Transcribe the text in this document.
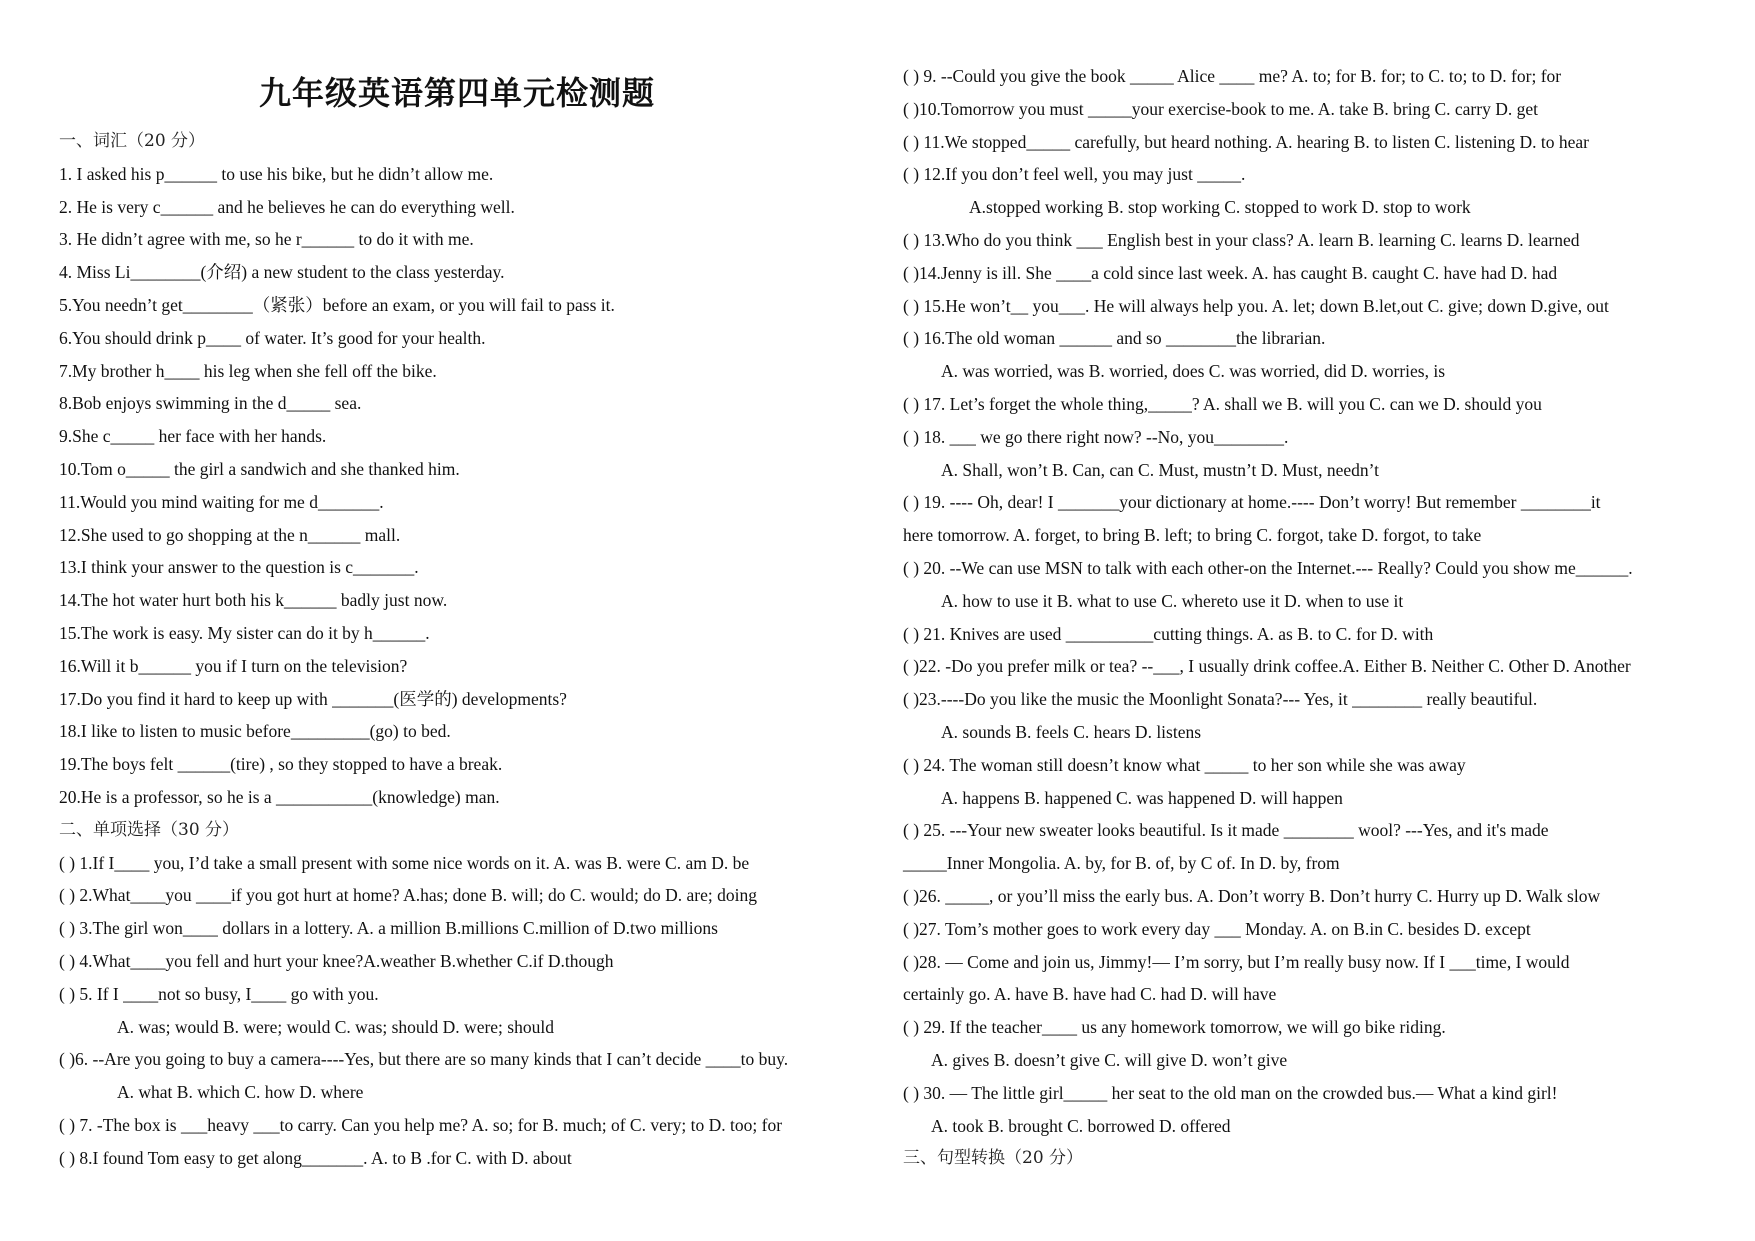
九年级英语第四单元检测题
一、词汇（20 分）
1. I asked his p______ to use his bike, but he didn’t allow me.
2. He is very c______ and he believes he can do everything well.
3. He didn’t agree with me, so he r______ to do it with me.
4. Miss Li________(介绍) a new student to the class yesterday.
5.You needn’t get________（紧张）before an exam, or you will fail to pass it.
6.You should drink p____ of water. It’s good for your health.
7.My brother h____ his leg when she fell off the bike.
8.Bob enjoys swimming in the d_____ sea.
9.She c_____ her face with her hands.
10.Tom o_____ the girl a sandwich and she thanked him.
11.Would you mind waiting for me d_______.
12.She used to go shopping at the n______ mall.
13.I think your answer to the question is c_______.
14.The hot water hurt both his k______ badly just now.
15.The work is easy. My sister can do it by h______.
16.Will it b______ you if I turn on the television?
17.Do you find it hard to keep up with _______(医学的) developments?
18.I like to listen to music before_________(go) to bed.
19.The boys felt ______(tire) , so they stopped to have a break.
20.He is a professor, so he is a ___________(knowledge) man.
二、单项选择（30 分）
( ) 1.If I____ you, I’d take a small present with some nice words on it. A. was B. were C. am D. be
( ) 2.What____you ____if you got hurt at home? A.has; done B. will; do C. would; do D. are; doing
( ) 3.The girl won____ dollars in a lottery. A. a million B.millions C.million of D.two millions
( ) 4.What____you fell and hurt your knee?A.weather B.whether C.if D.though
( ) 5. If I ____not so busy, I____ go with you.
A. was; would B. were; would C. was; should D. were; should
( )6. --Are you going to buy a camera----Yes, but there are so many kinds that I can’t decide ____to buy.
A. what B. which C. how D. where
( ) 7. -The box is ___heavy ___to carry. Can you help me? A. so; for B. much; of C. very; to D. too; for
( ) 8.I found Tom easy to get along_______. A. to B .for C. with D. about
( ) 9. --Could you give the book _____ Alice ____ me? A. to; for B. for; to C. to; to D. for; for
( )10.Tomorrow you must _____your exercise-book to me. A. take B. bring C. carry D. get
( ) 11.We stopped_____ carefully, but heard nothing. A. hearing B. to listen C. listening D. to hear
( ) 12.If you don’t feel well, you may just _____.
A.stopped working B. stop working C. stopped to work D. stop to work
( ) 13.Who do you think ___ English best in your class? A. learn B. learning C. learns D. learned
( )14.Jenny is ill. She ____a cold since last week. A. has caught B. caught C. have had D. had
( ) 15.He won’t__ you___. He will always help you. A. let; down B.let,out C. give; down D.give, out
( ) 16.The old woman ______ and so ________the librarian.
A. was worried, was B. worried, does C. was worried, did D. worries, is
( ) 17. Let’s forget the whole thing,_____? A. shall we B. will you C. can we D. should you
( ) 18. ___ we go there right now? --No, you________.
A. Shall, won’t B. Can, can C. Must, mustn’t D. Must, needn’t
( ) 19. ---- Oh, dear! I _______your dictionary at home.---- Don’t worry! But remember ________it
here tomorrow. A. forget, to bring B. left; to bring C. forgot, take D. forgot, to take
( ) 20. --We can use MSN to talk with each other-on the Internet.--- Really? Could you show me______.
A. how to use it B. what to use C. whereto use it D. when to use it
( ) 21. Knives are used __________cutting things. A. as B. to C. for D. with
( )22. -Do you prefer milk or tea? --___, I usually drink coffee.A. Either B. Neither C. Other D. Another
( )23.----Do you like the music the Moonlight Sonata?--- Yes, it ________ really beautiful.
A. sounds B. feels C. hears D. listens
( ) 24. The woman still doesn’t know what _____ to her son while she was away
A. happens B. happened C. was happened D. will happen
( ) 25. ---Your new sweater looks beautiful. Is it made ________ wool? ---Yes, and it's made
_____Inner Mongolia. A. by, for B. of, by C of. In D. by, from
( )26. _____, or you’ll miss the early bus. A. Don’t worry B. Don’t hurry C. Hurry up D. Walk slow
( )27. Tom’s mother goes to work every day ___ Monday. A. on B.in C. besides D. except
( )28. — Come and join us, Jimmy!— I’m sorry, but I’m really busy now. If I ___time, I would
certainly go. A. have B. have had C. had D. will have
( ) 29. If the teacher____ us any homework tomorrow, we will go bike riding.
A. gives B. doesn’t give C. will give D. won’t give
( ) 30. — The little girl_____ her seat to the old man on the crowded bus.— What a kind girl!
A. took B. brought C. borrowed D. offered
三、句型转换（20 分）
